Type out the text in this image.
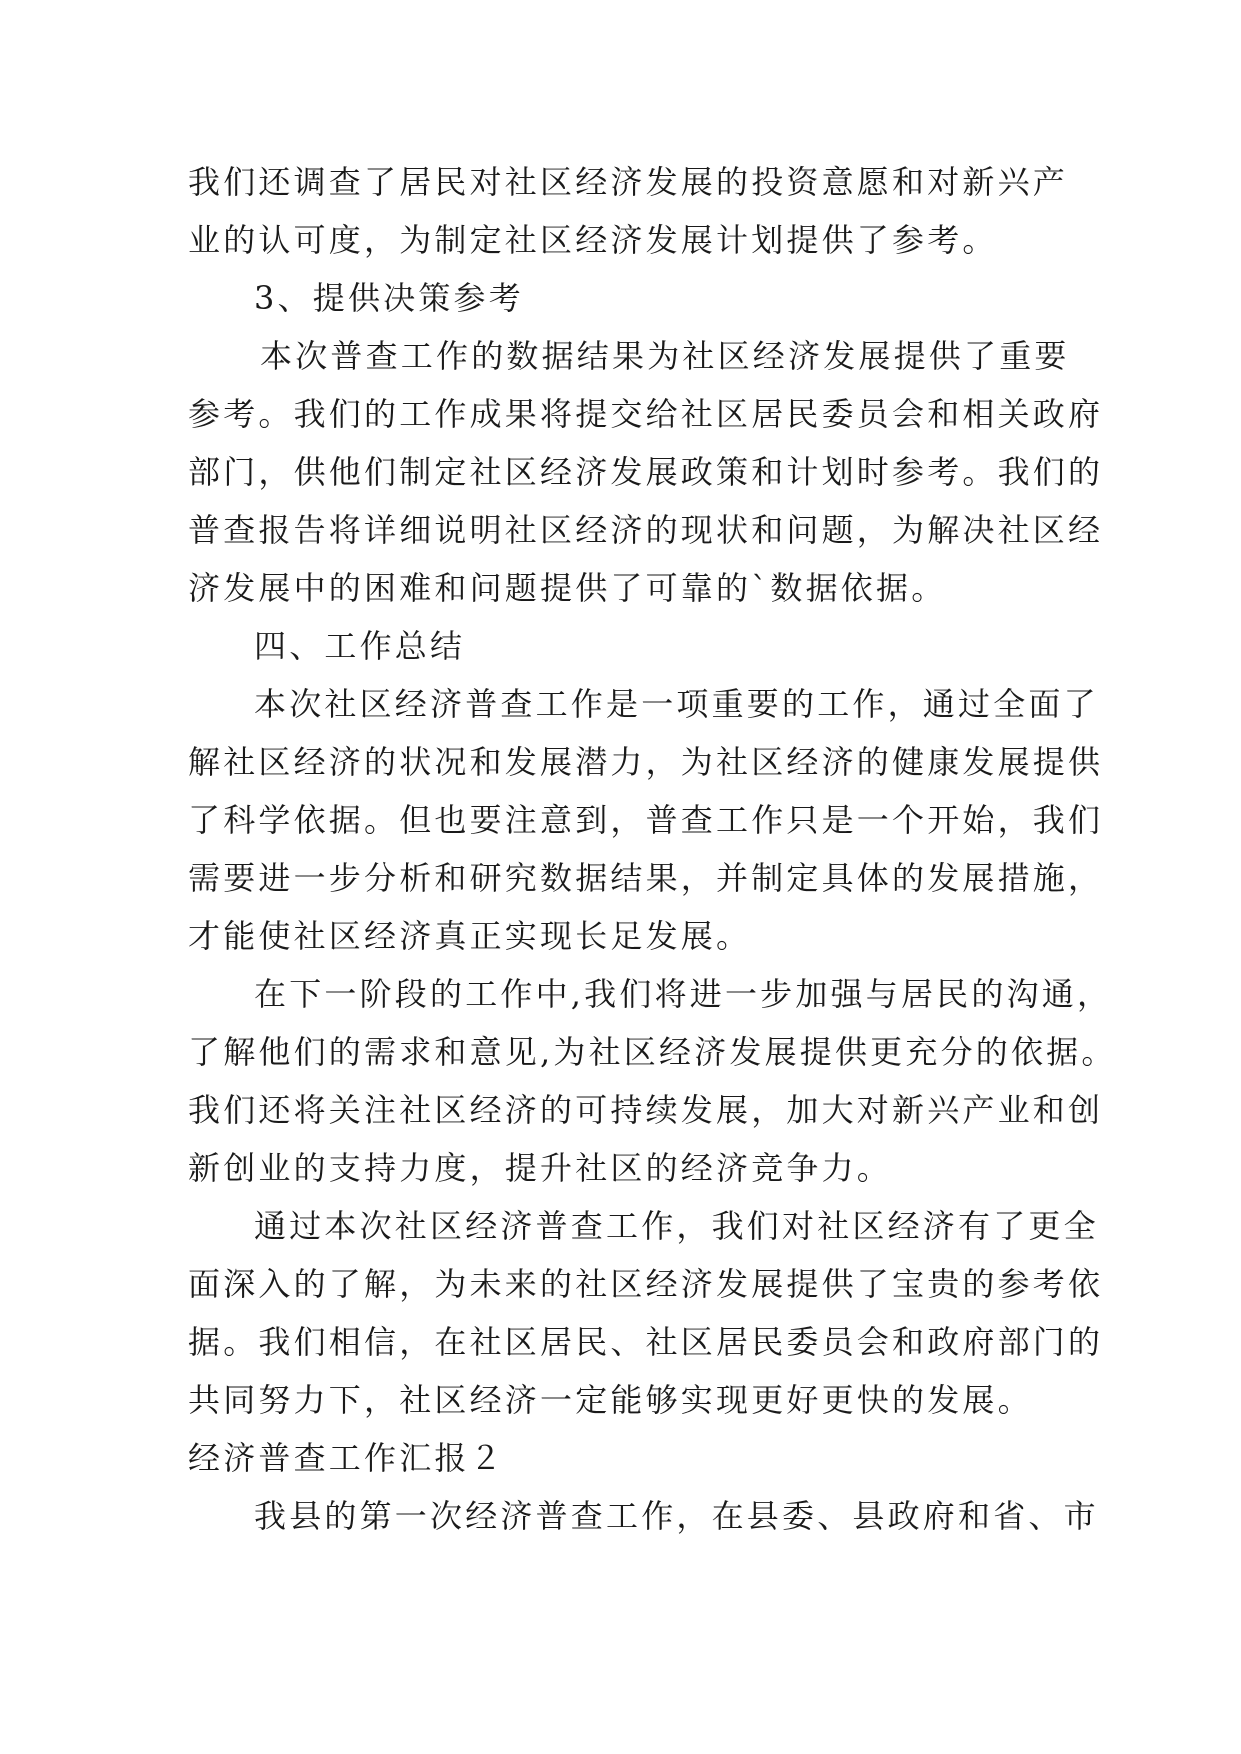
我们还调查了居民对社区经济发展的投资意愿和对新兴产
业的认可度，为制定社区经济发展计划提供了参考。
3、提供决策参考
本次普查工作的数据结果为社区经济发展提供了重要
参考。我们的工作成果将提交给社区居民委员会和相关政府
部门，供他们制定社区经济发展政策和计划时参考。我们的
普查报告将详细说明社区经济的现状和问题，为解决社区经
济发展中的困难和问题提供了可靠的`数据依据。
四、工作总结
本次社区经济普查工作是一项重要的工作，通过全面了
解社区经济的状况和发展潜力，为社区经济的健康发展提供
了科学依据。但也要注意到，普查工作只是一个开始，我们
需要进一步分析和研究数据结果，并制定具体的发展措施，
才能使社区经济真正实现长足发展。
在下一阶段的工作中,我们将进一步加强与居民的沟通，
了解他们的需求和意见,为社区经济发展提供更充分的依据。
我们还将关注社区经济的可持续发展，加大对新兴产业和创
新创业的支持力度，提升社区的经济竞争力。
通过本次社区经济普查工作，我们对社区经济有了更全
面深入的了解，为未来的社区经济发展提供了宝贵的参考依
据。我们相信，在社区居民、社区居民委员会和政府部门的
共同努力下，社区经济一定能够实现更好更快的发展。
经济普查工作汇报２
我县的第一次经济普查工作，在县委、县政府和省、市
